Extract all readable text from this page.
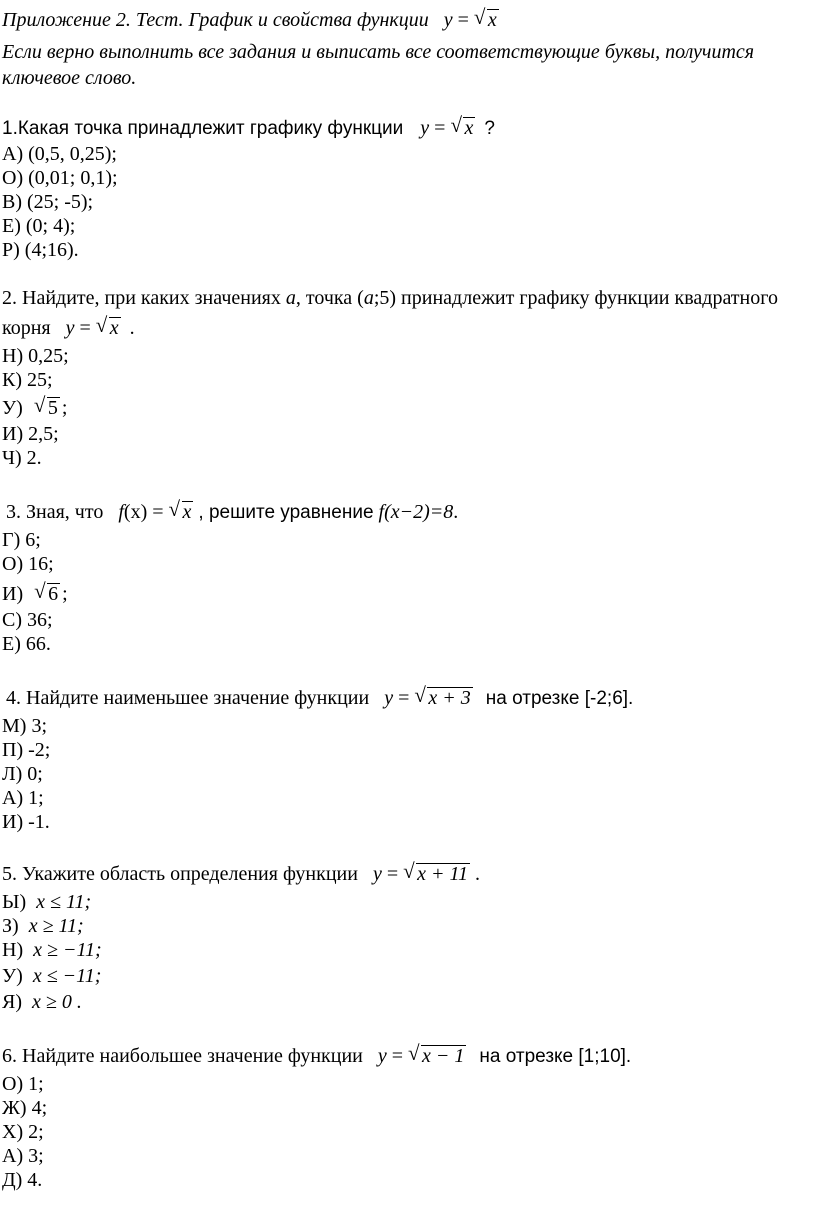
Приложение 2. Тест. График и свойства функции y = √ x
Если верно выполнить все задания и выписать все соответствующие буквы, получится
ключевое слово.
1.Какая точка принадлежит графику функции y = √ x ?
А) (0,5, 0,25);
О) (0,01; 0,1);
В) (25; -5);
Е) (0; 4);
Р) (4;16).
2. Найдите, при каких значениях a, точка (a;5) принадлежит графику функции квадратного
корня y = √ x .
Н) 0,25;
К) 25;
У) √ 5 ;
И) 2,5;
Ч) 2.
3. Зная, что f(x) = √ x , решите уравнение f(x−2)=8.
Г) 6;
О) 16;
И) √ 6 ;
С) 36;
Е) 66.
4. Найдите наименьшее значение функции y = √ x + 3 на отрезке [-2;6].
М) 3;
П) -2;
Л) 0;
А) 1;
И) -1.
5. Укажите область определения функции y = √ x + 11 .
Ы) x ≤ 11;
З) x ≥ 11;
Н) x ≥ −11;
У) x ≤ −11;
Я) x ≥ 0 .
6. Найдите наибольшее значение функции y = √ x − 1 на отрезке [1;10].
О) 1;
Ж) 4;
Х) 2;
А) 3;
Д) 4.
